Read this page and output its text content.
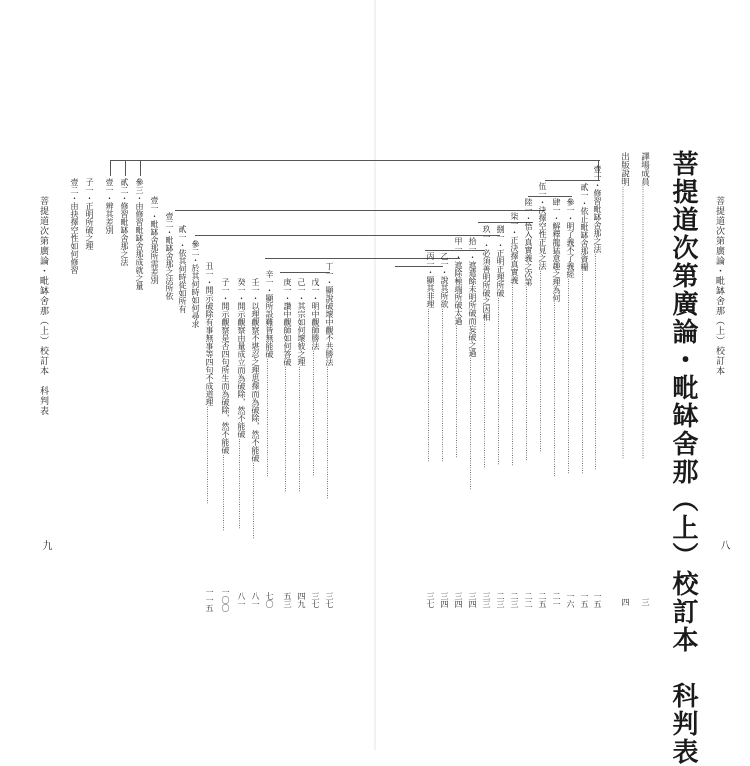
菩提道次第廣論・毗缽舍那（上）校訂本
八
菩提道次第廣論・毗缽舍那（上）校訂本　科判表
譯場成員………………………………………………………………………………………………………
三
出版說明………………………………………………………………………………………………………
四
壹一・修習毗缽舍那之法…………………………………………………………………………………
一五
貳一・依止毗缽舍那資糧……………………………………………………………………………
一五
參一・明了義不了義經…………………………………………………………………………
一六
肆一・解釋龍猛意趣之理為何…………………………………………………………………
二一
伍一・決擇空性正見之法……………………………………………………………………
二五
陸一・悟入真實義之次第…………………………………………………………………
二二
柒一・正決擇真實義……………………………………………………………………
二三
捌一・正明正理所破………………………………………………………………
二三
玖一・必須善明所破之因相………………………………………………………
三三
拾一・遮遣餘未明所破而妄破之過…………………………………………………
三四
甲一・遮除極端所破太過…………………………………………………
三四
乙一・說其所欲…………………………………………………………
三四
丙一・顯其非理…………………………………………………………
三七
丁一・顯說破壞中觀不共勝法…………………………………………………
三七
戊一・明中觀師勝法………………………………………………
三七
己一・其宗如何壞彼之理………………………………………………
四九
庚一・讚中觀師如何答破………………………………………………
五三
辛一・顯所設難皆無能破……………………………………………
七〇
壬一・以理觀察不堪忍之理思擇而為破除，然不能破……………………………
八一
癸一・開示觀察由量成立而為破除，然不能破…………………………………
八一
子一・開示觀察是否四句所生而為破除，然不能破……………………………
一〇〇
丑一・開示破除有事無事等四句不成道理……………………………………
一一五
壹一・辨其差別 貳二・修習毗缽舍那之法 參三・由修習毗缽舍那成就之量 壹一・毗缽舍那所需差別 壹二・毗缽舍那之法所依 貳一・依其何時從如所有 參二・於其何時如何尋求
菩提道次第廣論・毗缽舍那（上）校訂本　科判表
九
壹二・由抉擇空性如何修習 子一・正明所破之理
